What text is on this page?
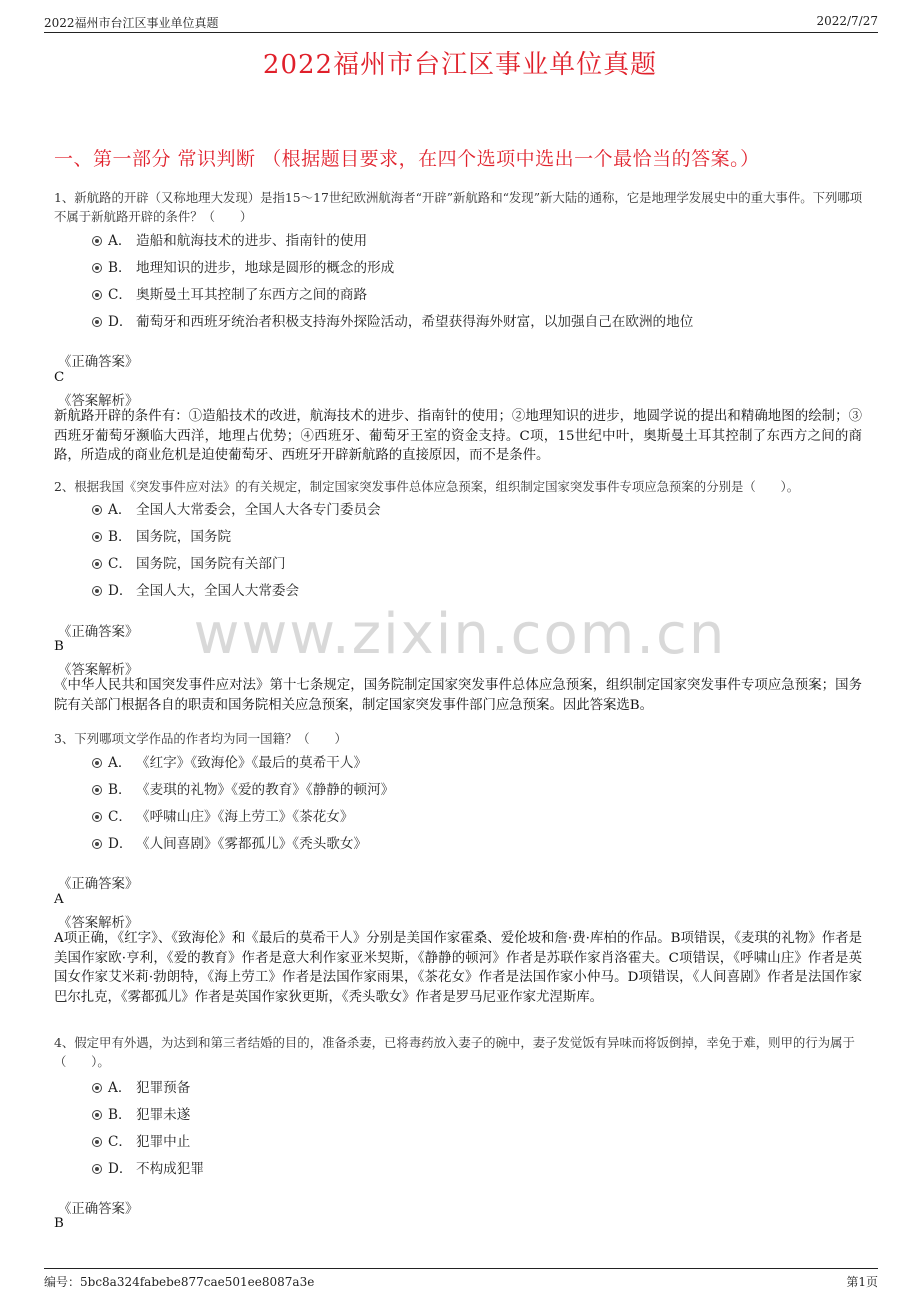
2022福州市台江区事业单位真题	2022/7/27
2022福州市台江区事业单位真题
一、第一部分 常识判断 （根据题目要求，在四个选项中选出一个最恰当的答案。）
www.zixin.com.cn
1、新航路的开辟（又称地理大发现）是指15～17世纪欧洲航海者“开辟”新航路和“发现”新大陆的通称，它是地理学发展史中的重大事件。下列哪项不属于新航路开辟的条件？（　　）
A． 造船和航海技术的进步、指南针的使用
B． 地理知识的进步，地球是圆形的概念的形成
C． 奥斯曼土耳其控制了东西方之间的商路
D． 葡萄牙和西班牙统治者积极支持海外探险活动，希望获得海外财富，以加强自己在欧洲的地位
《正确答案》
C
《答案解析》
新航路开辟的条件有：①造船技术的改进，航海技术的进步、指南针的使用；②地理知识的进步，地圆学说的提出和精确地图的绘制；③西班牙葡萄牙濒临大西洋，地理占优势；④西班牙、葡萄牙王室的资金支持。C项，15世纪中叶，奥斯曼土耳其控制了东西方之间的商路，所造成的商业危机是迫使葡萄牙、西班牙开辟新航路的直接原因，而不是条件。
2、根据我国《突发事件应对法》的有关规定，制定国家突发事件总体应急预案，组织制定国家突发事件专项应急预案的分别是（　　）。
A． 全国人大常委会，全国人大各专门委员会
B． 国务院，国务院
C． 国务院，国务院有关部门
D． 全国人大，全国人大常委会
《正确答案》
B
《答案解析》
《中华人民共和国突发事件应对法》第十七条规定，国务院制定国家突发事件总体应急预案，组织制定国家突发事件专项应急预案；国务院有关部门根据各自的职责和国务院相关应急预案，制定国家突发事件部门应急预案。因此答案选B。
3、下列哪项文学作品的作者均为同一国籍？（　　）
A． 《红字》《致海伦》《最后的莫希干人》
B． 《麦琪的礼物》《爱的教育》《静静的顿河》
C． 《呼啸山庄》《海上劳工》《茶花女》
D． 《人间喜剧》《雾都孤儿》《秃头歌女》
《正确答案》
A
《答案解析》
A项正确，《红字》、《致海伦》和《最后的莫希干人》分别是美国作家霍桑、爱伦坡和詹·费·库柏的作品。B项错误，《麦琪的礼物》作者是美国作家欧·亨利，《爱的教育》作者是意大利作家亚米契斯，《静静的顿河》作者是苏联作家肖洛霍夫。C项错误，《呼啸山庄》作者是英国女作家艾米莉·勃朗特，《海上劳工》作者是法国作家雨果，《茶花女》作者是法国作家小仲马。D项错误，《人间喜剧》作者是法国作家巴尔扎克，《雾都孤儿》作者是英国作家狄更斯，《秃头歌女》作者是罗马尼亚作家尤涅斯库。
4、假定甲有外遇，为达到和第三者结婚的目的，准备杀妻，已将毒药放入妻子的碗中，妻子发觉饭有异味而将饭倒掉，幸免于难，则甲的行为属于（　　）。
A． 犯罪预备
B． 犯罪未遂
C． 犯罪中止
D． 不构成犯罪
《正确答案》
B
编号：5bc8a324fabebe877cae501ee8087a3e	第1页
